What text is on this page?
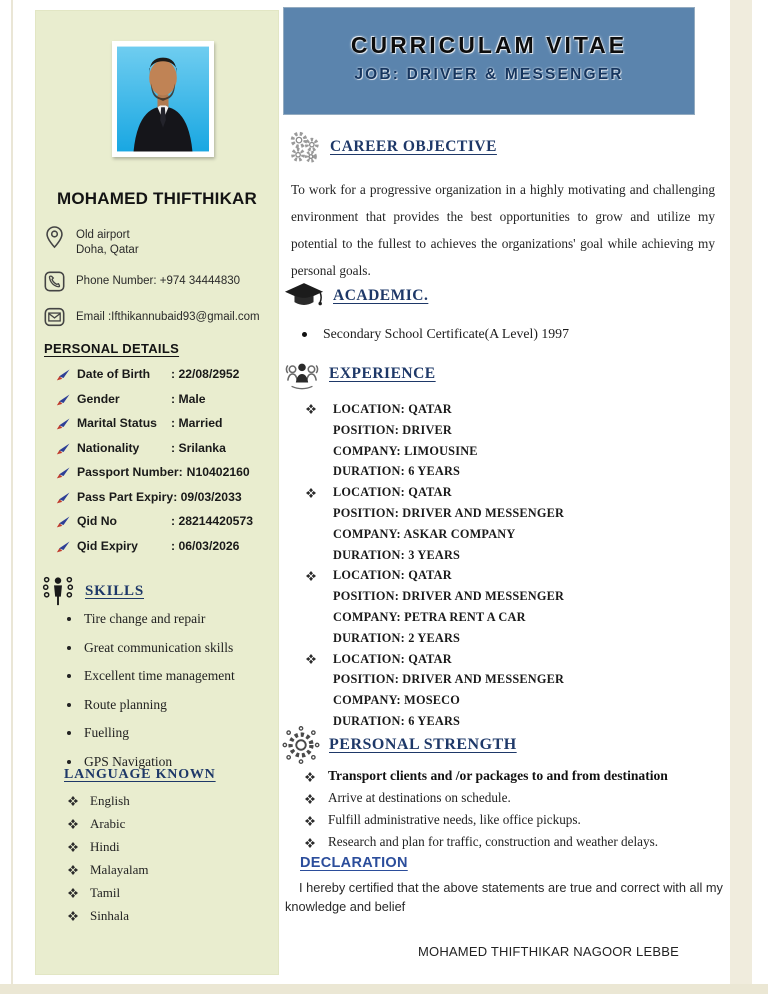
MOHAMED THIFTHIKAR
Old airport
Doha, Qatar
Phone Number: +974 34444830
Email :Ifthikannubaid93@gmail.com
PERSONAL DETAILS
Date of Birth	: 22/08/2952
Gender	: Male
Marital Status	: Married
Nationality	: Srilanka
Passport Number: N10402160
Pass Part Expiry : 09/03/2033
Qid No	: 28214420573
Qid Expiry	: 06/03/2026
SKILLS
• Tire change and repair
• Great communication skills
• Excellent time management
• Route planning
• Fuelling
• GPS Navigation
LANGUAGE KNOWN
English
Arabic
Hindi
Malayalam
Tamil
Sinhala
CURRICULAM VITAE
JOB: DRIVER & MESSENGER
CAREER OBJECTIVE

To work for a progressive organization in a highly motivating and challenging environment that provides the best opportunities to grow and utilize my potential to the fullest to achieves the organizations' goal while achieving my personal goals.

ACADEMIC.
Secondary School Certificate(A Level) 1997
EXPERIENCE
LOCATION: QATAR
POSITION: DRIVER
COMPANY: LIMOUSINE
DURATION: 6 YEARS
LOCATION: QATAR
POSITION: DRIVER AND MESSENGER
COMPANY: ASKAR COMPANY
DURATION: 3 YEARS
LOCATION: QATAR
POSITION: DRIVER AND MESSENGER
COMPANY: PETRA RENT A CAR
DURATION: 2 YEARS
LOCATION: QATAR
POSITION: DRIVER AND MESSENGER
COMPANY: MOSECO
DURATION: 6 YEARS
PERSONAL STRENGTH
Transport clients and /or packages to and from destination
Arrive at destinations on schedule.
Fulfill administrative needs, like office pickups.
Research and plan for traffic, construction and weather delays.
DECLARATION

I hereby certified that the above statements are true and correct with all my knowledge and belief

MOHAMED THIFTHIKAR NAGOOR LEBBE
